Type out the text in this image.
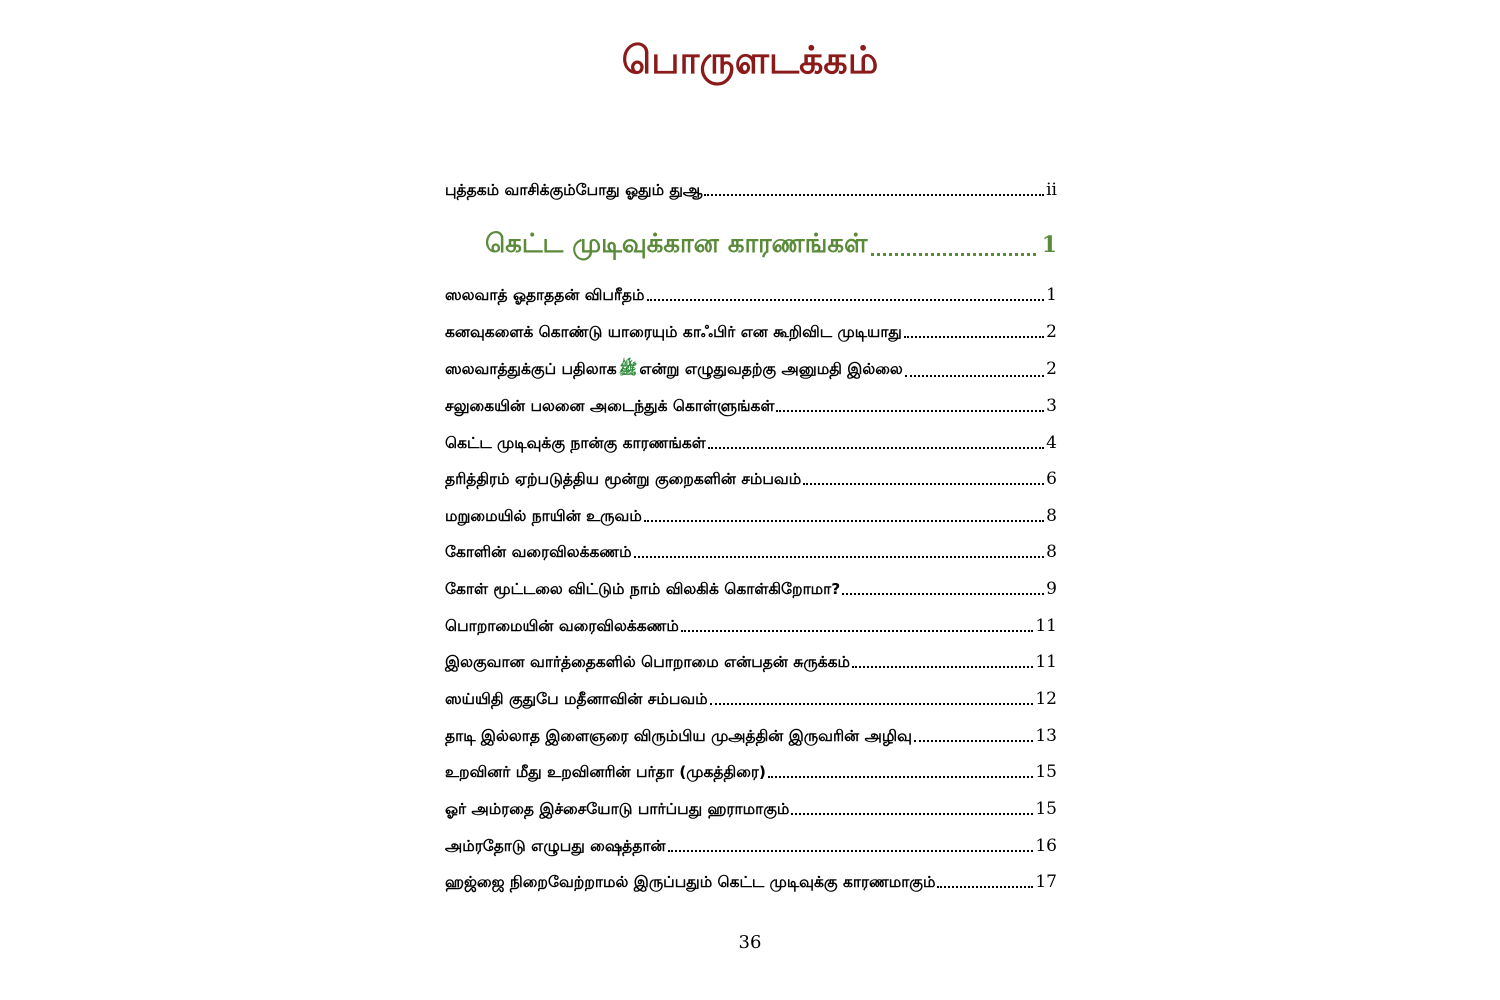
பொருளடக்கம்
புத்தகம் வாசிக்கும்போது ஓதும் துஆ	ii
கெட்ட முடிவுக்கான காரணங்கள்	1
ஸலவாத் ஓதாததன் விபரீதம்	1
கனவுகளைக் கொண்டு யாரையும் காஃபிர் என கூறிவிட முடியாது	2
ஸலவாத்துக்குப் பதிலாக ﷺ என்று எழுதுவதற்கு அனுமதி இல்லை	2
சலுகையின் பலனை அடைந்துக் கொள்ளுங்கள்	3
கெட்ட முடிவுக்கு நான்கு காரணங்கள்	4
தரித்திரம் ஏற்படுத்திய மூன்று குறைகளின் சம்பவம்	6
மறுமையில் நாயின் உருவம்	8
கோளின் வரைவிலக்கணம்	8
கோள் மூட்டலை விட்டும் நாம் விலகிக் கொள்கிறோமா?	9
பொறாமையின் வரைவிலக்கணம்	11
இலகுவான வார்த்தைகளில் பொறாமை என்பதன் சுருக்கம்	11
ஸய்யிதி குதுபே மதீனாவின் சம்பவம்	12
தாடி இல்லாத இளைஞரை விரும்பிய முஅத்தின் இருவரின் அழிவு	13
உறவினர் மீது உறவினரின் பர்தா (முகத்திரை)	15
ஓர் அம்ரதை இச்சையோடு பார்ப்பது ஹராமாகும்	15
அம்ரதோடு எழுபது ஷைத்தான்	16
ஹஜ்ஜை நிறைவேற்றாமல் இருப்பதும் கெட்ட முடிவுக்கு காரணமாகும்	17
36
